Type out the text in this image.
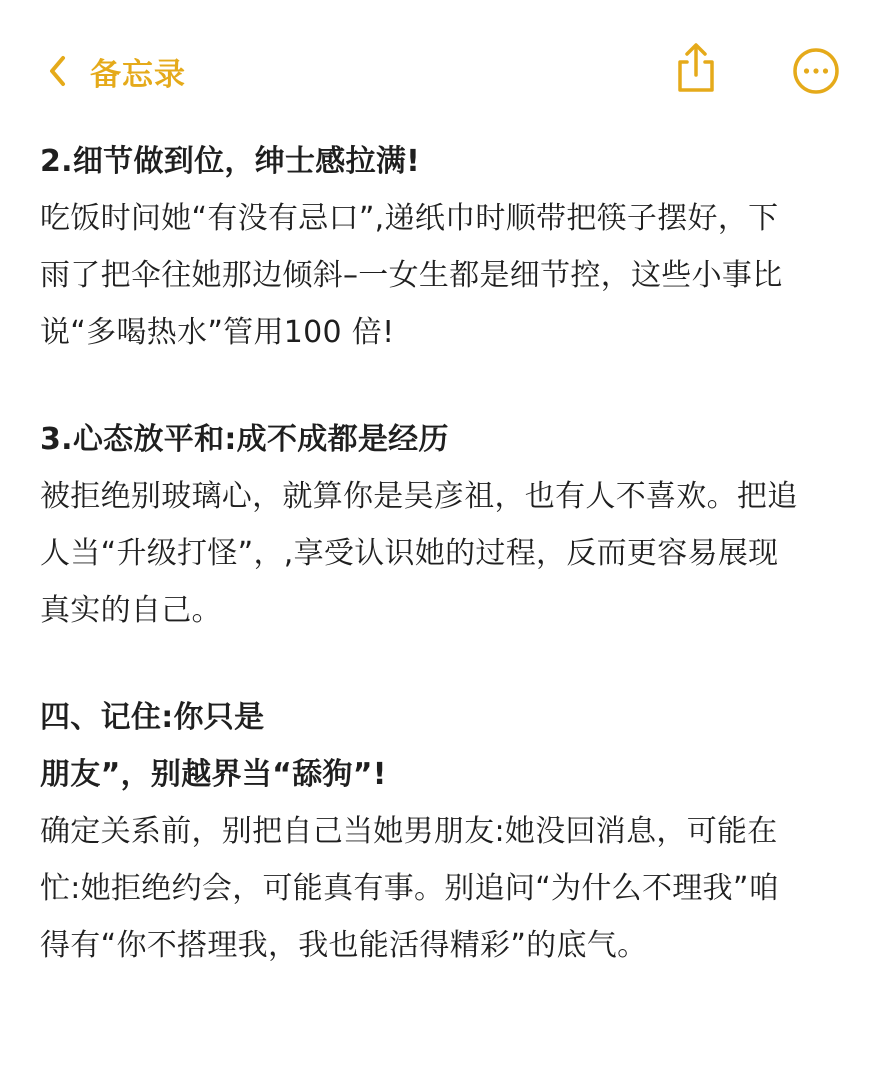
备忘录
2.细节做到位，绅士感拉满!
吃饭时问她“有没有忌口”,递纸巾时顺带把筷子摆好，下
雨了把伞往她那边倾斜–一女生都是细节控，这些小事比
说“多喝热水”管用100 倍!
3.心态放平和:成不成都是经历
被拒绝别玻璃心，就算你是吴彦祖，也有人不喜欢。把追
人当“升级打怪”，,享受认识她的过程，反而更容易展现
真实的自己。
四、记住:你只是
朋友”，别越界当“舔狗”!
确定关系前，别把自己当她男朋友:她没回消息，可能在
忙:她拒绝约会，可能真有事。别追问“为什么不理我”咱
得有“你不搭理我，我也能活得精彩”的底气。
